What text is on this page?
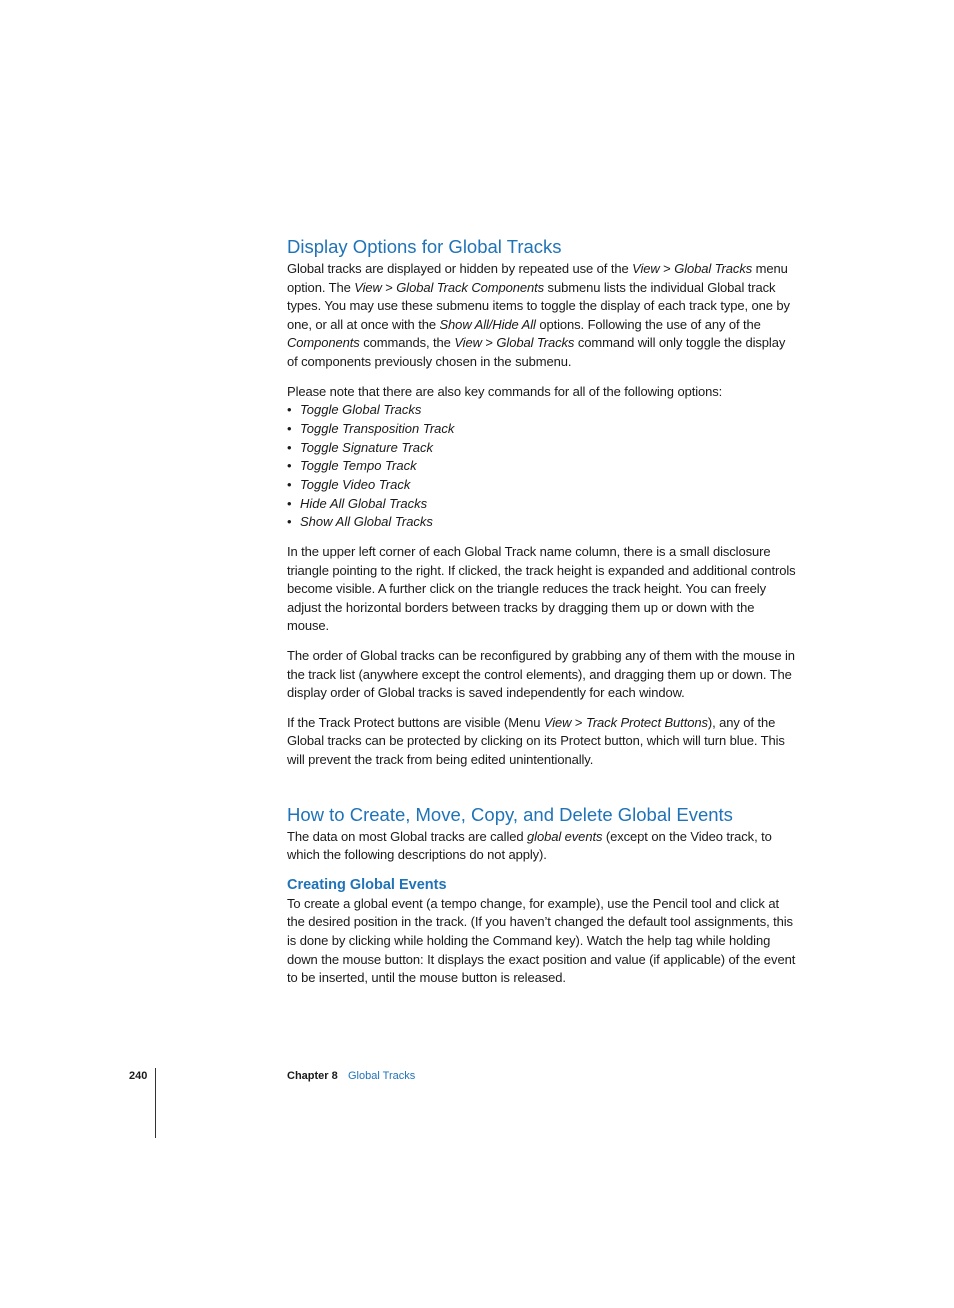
Display Options for Global Tracks

Global tracks are displayed or hidden by repeated use of the View > Global Tracks menu option. The View > Global Track Components submenu lists the individual Global track types. You may use these submenu items to toggle the display of each track type, one by one, or all at once with the Show All/Hide All options. Following the use of any of the Components commands, the View > Global Tracks command will only toggle the display of components previously chosen in the submenu.

Please note that there are also key commands for all of the following options:

• Toggle Global Tracks
• Toggle Transposition Track
• Toggle Signature Track
• Toggle Tempo Track
• Toggle Video Track
• Hide All Global Tracks
• Show All Global Tracks

In the upper left corner of each Global Track name column, there is a small disclosure triangle pointing to the right. If clicked, the track height is expanded and additional controls become visible. A further click on the triangle reduces the track height. You can freely adjust the horizontal borders between tracks by dragging them up or down with the mouse.

The order of Global tracks can be reconfigured by grabbing any of them with the mouse in the track list (anywhere except the control elements), and dragging them up or down. The display order of Global tracks is saved independently for each window.

If the Track Protect buttons are visible (Menu View > Track Protect Buttons), any of the Global tracks can be protected by clicking on its Protect button, which will turn blue. This will prevent the track from being edited unintentionally.

How to Create, Move, Copy, and Delete Global Events

The data on most Global tracks are called global events (except on the Video track, to which the following descriptions do not apply).

Creating Global Events

To create a global event (a tempo change, for example), use the Pencil tool and click at the desired position in the track. (If you haven’t changed the default tool assignments, this is done by clicking while holding the Command key). Watch the help tag while holding down the mouse button: It displays the exact position and value (if applicable) of the event to be inserted, until the mouse button is released.

240	Chapter 8 Global Tracks
